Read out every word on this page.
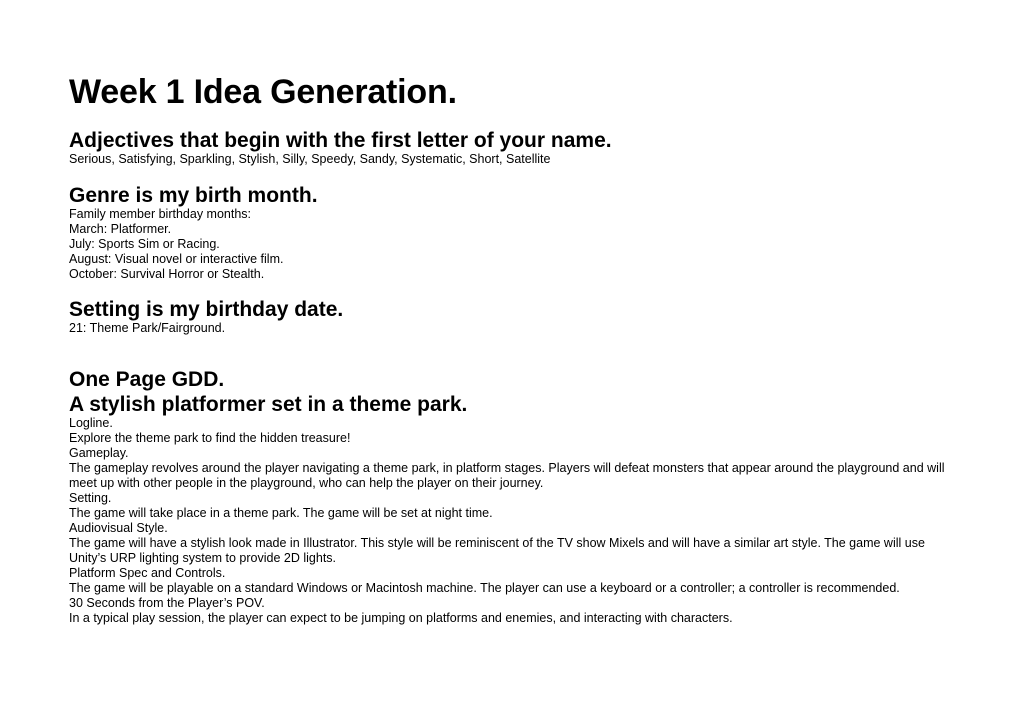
Week 1 Idea Generation.
Adjectives that begin with the first letter of your name.

Serious, Satisfying, Sparkling, Stylish, Silly, Speedy, Sandy, Systematic, Short, Satellite

Genre is my birth month.

Family member birthday months:

March: Platformer.

July: Sports Sim or Racing.

August: Visual novel or interactive film.

October: Survival Horror or Stealth.

Setting is my birthday date.

21: Theme Park/Fairground.

One Page GDD.
A stylish platformer set in a theme park.

Logline.

Explore the theme park to find the hidden treasure!

Gameplay.

The gameplay revolves around the player navigating a theme park, in platform stages. Players will defeat monsters that appear around the playground and will meet up with other people in the playground, who can help the player on their journey.

Setting.

The game will take place in a theme park. The game will be set at night time.

Audiovisual Style.

The game will have a stylish look made in Illustrator. This style will be reminiscent of the TV show Mixels and will have a similar art style. The game will use Unity’s URP lighting system to provide 2D lights.

Platform Spec and Controls.

The game will be playable on a standard Windows or Macintosh machine. The player can use a keyboard or a controller; a controller is recommended.

30 Seconds from the Player’s POV.

In a typical play session, the player can expect to be jumping on platforms and enemies, and interacting with characters.
